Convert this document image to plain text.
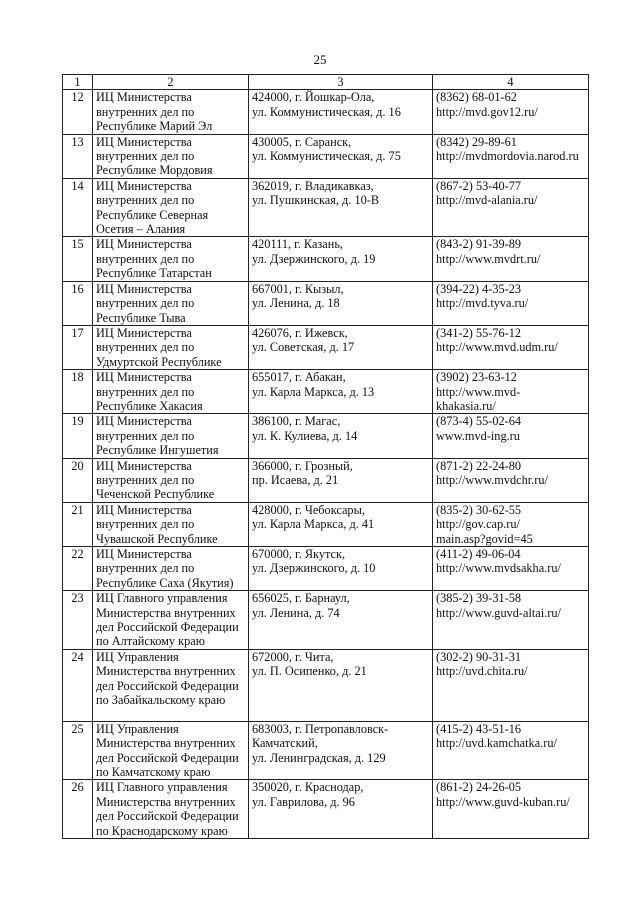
25
1	2	3	4
12	ИЦ Министерства
внутренних дел по
Республике Марий Эл	424000, г. Йошкар-Ола,
ул. Коммунистическая, д. 16	(8362) 68-01-62
http://mvd.gov12.ru/

13	ИЦ Министерства
внутренних дел по
Республике Мордовия	430005, г. Саранск,
ул. Коммунистическая, д. 75	(8342) 29-89-61
http://mvdmordovia.narod.ru

14	ИЦ Министерства
внутренних дел по
Республике Северная
Осетия – Алания	362019, г. Владикавказ,
ул. Пушкинская, д. 10-В	(867-2) 53-40-77
http://mvd-alania.ru/

15	ИЦ Министерства
внутренних дел по
Республике Татарстан	420111, г. Казань,
ул. Дзержинского, д. 19	(843-2) 91-39-89
http://www.mvdrt.ru/

16	ИЦ Министерства
внутренних дел по
Республике Тыва	667001, г. Кызыл,
ул. Ленина, д. 18	(394-22) 4-35-23
http://mvd.tyva.ru/

17	ИЦ Министерства
внутренних дел по
Удмуртской Республике	426076, г. Ижевск,
ул. Советская, д. 17	(341-2) 55-76-12
http://www.mvd.udm.ru/

18	ИЦ Министерства
внутренних дел по
Республике Хакасия	655017, г. Абакан,
ул. Карла Маркса, д. 13	(3902) 23-63-12
http://www.mvd-
khakasia.ru/

19	ИЦ Министерства
внутренних дел по
Республике Ингушетия	386100, г. Магас,
ул. К. Кулиева, д. 14	(873-4) 55-02-64
www.mvd-ing.ru

20	ИЦ Министерства
внутренних дел по
Чеченской Республике	366000, г. Грозный,
пр. Исаева, д. 21	(871-2) 22-24-80
http://www.mvdchr.ru/

21	ИЦ Министерства
внутренних дел по
Чувашской Республике	428000, г. Чебоксары,
ул. Карла Маркса, д. 41	(835-2) 30-62-55
http://gov.cap.ru/
main.asp?govid=45

22	ИЦ Министерства
внутренних дел по
Республике Саха (Якутия)	670000, г. Якутск,
ул. Дзержинского, д. 10	(411-2) 49-06-04
http://www.mvdsakha.ru/

23	ИЦ Главного управления
Министерства внутренних
дел Российской Федерации
по Алтайскому краю	656025, г. Барнаул,
ул. Ленина, д. 74	(385-2) 39-31-58
http://www.guvd-altai.ru/

24	ИЦ Управления
Министерства внутренних
дел Российской Федерации
по Забайкальскому краю	672000, г. Чита,
ул. П. Осипенко, д. 21	(302-2) 90-31-31
http://uvd.chita.ru/

25	ИЦ Управления
Министерства внутренних
дел Российской Федерации
по Камчатскому краю	683003, г. Петропавловск-
Камчатский,
ул. Ленинградская, д. 129	(415-2) 43-51-16
http://uvd.kamchatka.ru/

26	ИЦ Главного управления
Министерства внутренних
дел Российской Федерации
по Краснодарскому краю	350020, г. Краснодар,
ул. Гаврилова, д. 96	(861-2) 24-26-05
http://www.guvd-kuban.ru/
